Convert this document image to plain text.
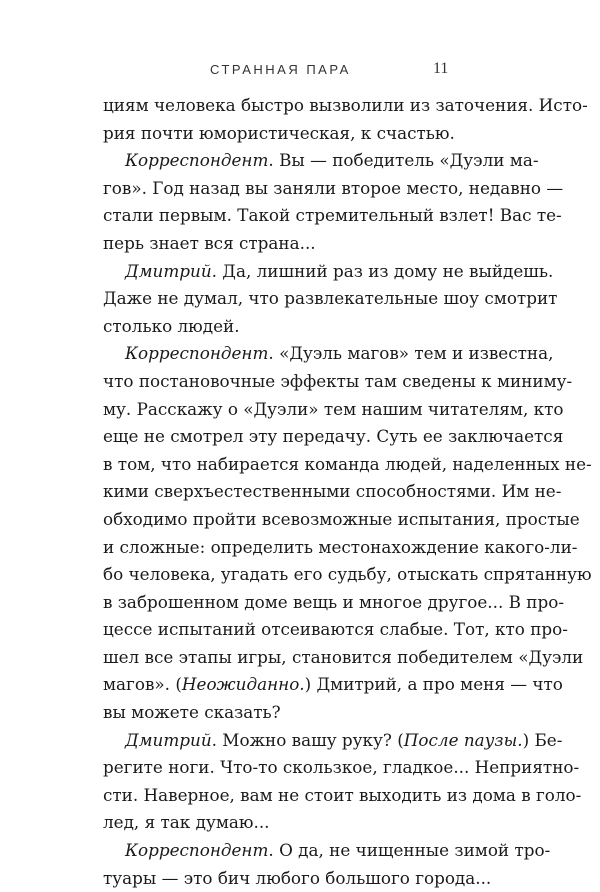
СТРАННАЯ ПАРА	11
циям человека быстро вызволили из заточения. Исто-
рия почти юмористическая, к счастью.
Корреспондент. Вы — победитель «Дуэли ма-
гов». Год назад вы заняли второе место, недавно —
стали первым. Такой стремительный взлет! Вас те-
перь знает вся страна...
Дмитрий. Да, лишний раз из дому не выйдешь.
Даже не думал, что развлекательные шоу смотрит
столько людей.
Корреспондент. «Дуэль магов» тем и известна,
что постановочные эффекты там сведены к миниму-
му. Расскажу о «Дуэли» тем нашим читателям, кто
еще не смотрел эту передачу. Суть ее заключается
в том, что набирается команда людей, наделенных не-
кими сверхъестественными способностями. Им не-
обходимо пройти всевозможные испытания, простые
и сложные: определить местонахождение какого-ли-
бо человека, угадать его судьбу, отыскать спрятанную
в заброшенном доме вещь и многое другое... В про-
цессе испытаний отсеиваются слабые. Тот, кто про-
шел все этапы игры, становится победителем «Дуэли
магов». (Неожиданно.) Дмитрий, а про меня — что
вы можете сказать?
Дмитрий. Можно вашу руку? (После паузы.) Бе-
регите ноги. Что-то скользкое, гладкое... Неприятно-
сти. Наверное, вам не стоит выходить из дома в голо-
лед, я так думаю...
Корреспондент. О да, не чищенные зимой тро-
туары — это бич любого большого города...
